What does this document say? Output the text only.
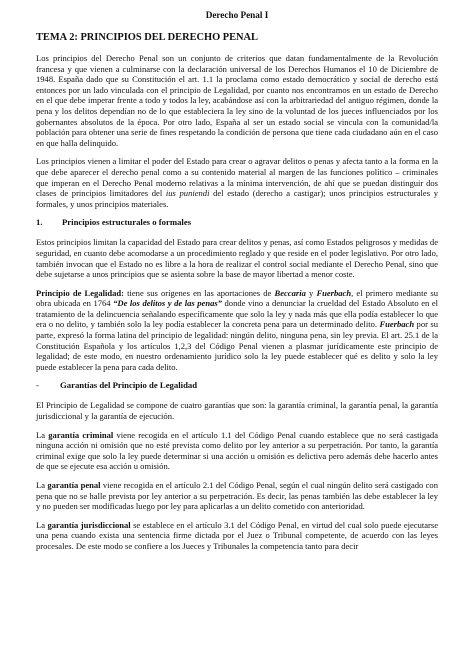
Derecho Penal I
TEMA 2: PRINCIPIOS DEL DERECHO PENAL

Los principios del Derecho Penal son un conjunto de criterios que datan fundamentalmente de la Revolución francesa y que vienen a culminarse con la declaración universal de los Derechos Humanos el 10 de Diciembre de 1948. España dado que su Constitución el art. 1.1 la proclama como estado democrático y social de derecho está entonces por un lado vinculada con el principio de Legalidad, por cuanto nos encontramos en un estado de Derecho en el que debe imperar frente a todo y todos la ley, acabándose así con la arbitrariedad del antiguo régimen, donde la pena y los delitos dependían no de lo que estableciera la ley sino de la voluntad de los jueces influenciados por los gobernantes absolutos de la época. Por otro lado, España al ser un estado social se vincula con la comunidad/la población para obtener una serie de fines respetando la condición de persona que tiene cada ciudadano aún en el caso en que halla delinquido.

Los principios vienen a limitar el poder del Estado para crear o agravar delitos o penas y afecta tanto a la forma en la que debe aparecer el derecho penal como a su contenido material al margen de las funciones político – criminales que imperan en el Derecho Penal moderno relativas a la mínima intervención, de ahí que se puedan distinguir dos clases de principios limitadores del ius puniendi del estado (derecho a castigar); unos principios estructurales y formales, y unos principios materiales.

1.	Principios estructurales o formales

Estos principios limitan la capacidad del Estado para crear delitos y penas, así como Estados peligrosos y medidas de seguridad, en cuanto debe acomodarse a un procedimiento reglado y que reside en el poder legislativo. Por otro lado, también invocan que el Estado no es libre a la hora de realizar el control social mediante el Derecho Penal, sino que debe sujetarse a unos principios que se asienta sobre la base de mayor libertad a menor coste.

Principio de Legalidad: tiene sus orígenes en las aportaciones de Beccaria y Fuerbach, el primero mediante su obra ubicada en 1764 “De los delitos y de las penas” donde vino a denunciar la crueldad del Estado Absoluto en el tratamiento de la delincuencia señalando específicamente que solo la ley y nada más que ella podía establecer lo que era o no delito, y también solo la ley podía establecer la concreta pena para un determinado delito. Fuerbach por su parte, expresó la forma latina del principio de legalidad: ningún delito, ninguna pena, sin ley previa. El art. 25.1 de la Constitución Española y los artículos 1,2,3 del Código Penal vienen a plasmar jurídicamente este principio de legalidad; de este modo, en nuestro ordenamiento jurídico solo la ley puede establecer qué es delito y solo la ley puede establecer la pena para cada delito.

-	Garantías del Principio de Legalidad

El Principio de Legalidad se compone de cuatro garantías que son: la garantía criminal, la garantía penal, la garantía jurisdiccional y la garantía de ejecución.

La garantía criminal viene recogida en el artículo 1.1 del Código Penal cuando establece que no será castigada ninguna acción ni omisión que no esté prevista como delito por ley anterior a su perpetración. Por tanto, la garantía criminal exige que solo la ley puede determinar si una acción u omisión es delictiva pero además debe hacerlo antes de que se ejecute esa acción u omisión.

La garantía penal viene recogida en el artículo 2.1 del Código Penal, según el cual ningún delito será castigado con pena que no se halle prevista por ley anterior a su perpetración. Es decir, las penas también las debe establecer la ley y no pueden ser modificadas luego por ley para aplicarlas a un delito cometido con anterioridad.

La garantía jurisdiccional se establece en el artículo 3.1 del Código Penal, en virtud del cual solo puede ejecutarse una pena cuando exista una sentencia firme dictada por el Juez o Tribunal competente, de acuerdo con las leyes procesales. De este modo se confiere a los Jueces y Tribunales la competencia tanto para decir
